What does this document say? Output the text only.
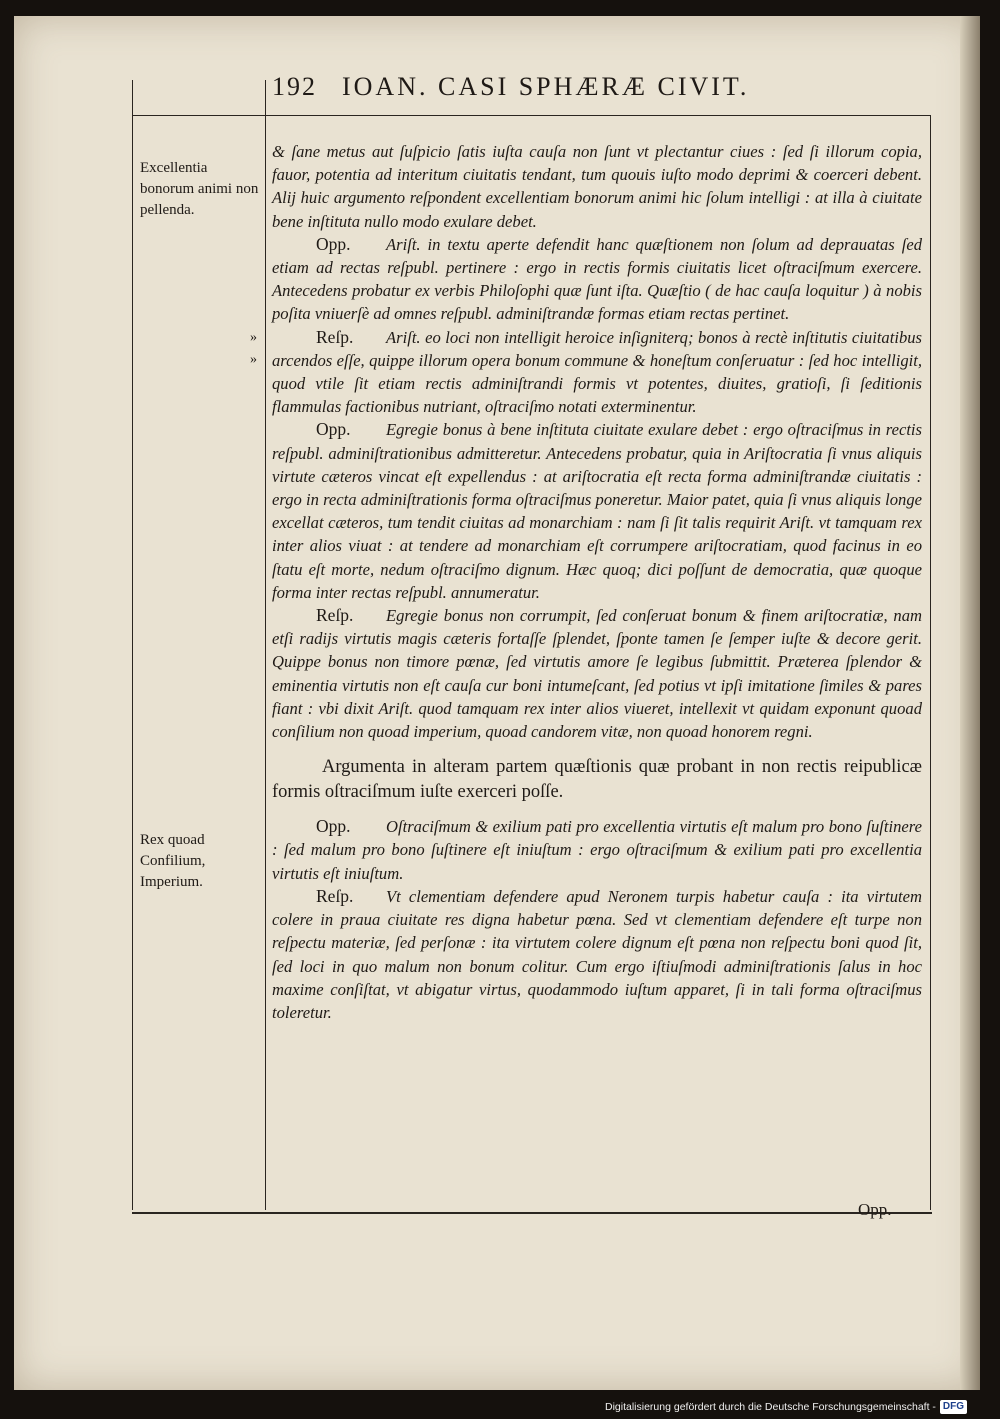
192 IOAN. CASI SPHÆRÆ CIVIT.
Excellentia bonorum animi non pellenda.
Rex quoad Confilium, Imperium.
»
»

& ſane metus aut ſuſpicio ſatis iuſta cauſa non ſunt vt plectantur ciues : ſed ſi illorum copia, fauor, potentia ad interitum ciuitatis tendant, tum quouis iuſto modo deprimi & coerceri debent. Alij huic argumento reſpondent excellentiam bonorum animi hic ſolum intelligi : at illa à ciuitate bene inſtituta nullo modo exulare debet.

Opp. Ariſt. in textu aperte defendit hanc quæſtionem non ſolum ad deprauatas ſed etiam ad rectas reſpubl. pertinere : ergo in rectis formis ciuitatis licet oſtraciſmum exercere. Antecedens probatur ex verbis Philoſophi quæ ſunt iſta. Quæſtio ( de hac cauſa loquitur ) à nobis poſita vniuerſè ad omnes reſpubl. adminiſtrandæ formas etiam rectas pertinet.

Reſp. Ariſt. eo loci non intelligit heroice inſigniterq; bonos à rectè inſtitutis ciuitatibus arcendos eſſe, quippe illorum opera bonum commune & honeſtum conſeruatur : ſed hoc intelligit, quod vtile ſit etiam rectis adminiſtrandi formis vt potentes, diuites, gratioſi, ſi ſeditionis flammulas factionibus nutriant, oſtraciſmo notati exterminentur.

Opp. Egregie bonus à bene inſtituta ciuitate exulare debet : ergo oſtraciſmus in rectis reſpubl. adminiſtrationibus admitteretur. Antecedens probatur, quia in Ariſtocratia ſi vnus aliquis virtute cæteros vincat eſt expellendus : at ariſtocratia eſt recta forma adminiſtrandæ ciuitatis : ergo in recta adminiſtrationis forma oſtraciſmus poneretur. Maior patet, quia ſi vnus aliquis longe excellat cæteros, tum tendit ciuitas ad monarchiam : nam ſi ſit talis requirit Ariſt. vt tamquam rex inter alios viuat : at tendere ad monarchiam eſt corrumpere ariſtocratiam, quod facinus in eo ſtatu eſt morte, nedum oſtraciſmo dignum. Hæc quoq; dici poſſunt de democratia, quæ quoque forma inter rectas reſpubl. annumeratur.

Reſp. Egregie bonus non corrumpit, ſed conſeruat bonum & finem ariſtocratiæ, nam etſi radijs virtutis magis cæteris fortaſſe ſplendet, ſponte tamen ſe ſemper iuſte & decore gerit. Quippe bonus non timore pœnæ, ſed virtutis amore ſe legibus ſubmittit. Præterea ſplendor & eminentia virtutis non eſt cauſa cur boni intumeſcant, ſed potius vt ipſi imitatione ſimiles & pares fiant : vbi dixit Ariſt. quod tamquam rex inter alios viueret, intellexit vt quidam exponunt quoad conſilium non quoad imperium, quoad candorem vitæ, non quoad honorem regni.

Argumenta in alteram partem quæſtionis quæ probant in non rectis reipublicæ formis oſtraciſmum iuſte exerceri poſſe.

Opp. Oſtraciſmum & exilium pati pro excellentia virtutis eſt malum pro bono ſuſtinere : ſed malum pro bono ſuſtinere eſt iniuſtum : ergo oſtraciſmum & exilium pati pro excellentia virtutis eſt iniuſtum.

Reſp. Vt clementiam defendere apud Neronem turpis habetur cauſa : ita virtutem colere in praua ciuitate res digna habetur pœna. Sed vt clementiam defendere eſt turpe non reſpectu materiæ, ſed perſonæ : ita virtutem colere dignum eſt pœna non reſpectu boni quod ſit, ſed loci in quo malum non bonum colitur. Cum ergo iſtiuſmodi adminiſtrationis ſalus in hoc maxime conſiſtat, vt abigatur virtus, quodammodo iuſtum apparet, ſi in tali forma oſtraciſmus toleretur.

Opp.
Digitalisierung gefördert durch die Deutsche Forschungsgemeinschaft - DFG
